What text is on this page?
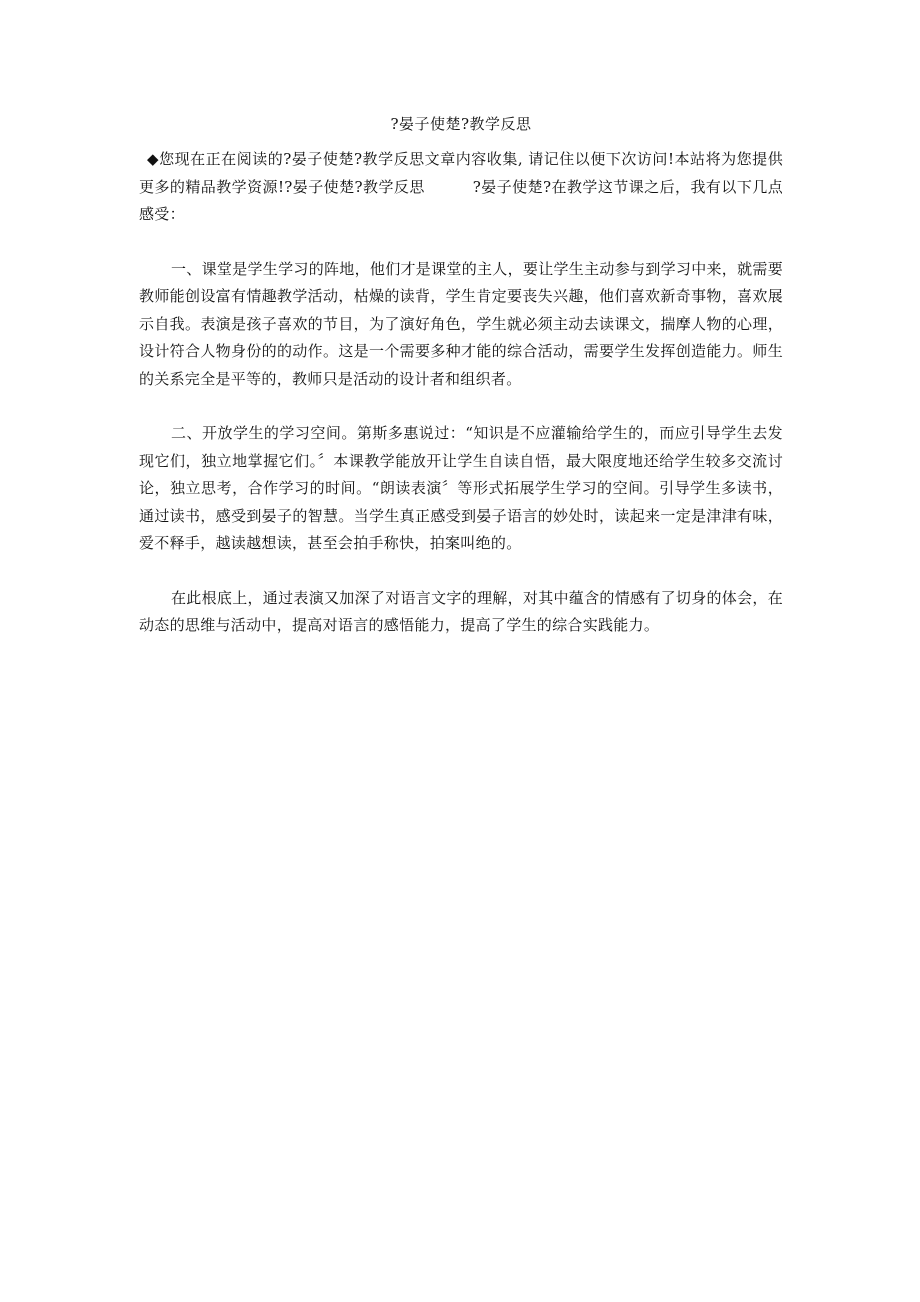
?晏子使楚?教学反思

◆您现在正在阅读的?晏子使楚?教学反思文章内容收集, 请记住以便下次访问!本站将为您提供更多的精品教学资源!?晏子使楚?教学反思	?晏子使楚?在教学这节课之后，我有以下几点感受：

一、课堂是学生学习的阵地，他们才是课堂的主人，要让学生主动参与到学习中来，就需要教师能创设富有情趣教学活动，枯燥的读背，学生肯定要丧失兴趣，他们喜欢新奇事物，喜欢展示自我。表演是孩子喜欢的节目，为了演好角色，学生就必须主动去读课文，揣摩人物的心理，设计符合人物身份的的动作。这是一个需要多种才能的综合活动，需要学生发挥创造能力。师生的关系完全是平等的，教师只是活动的设计者和组织者。

二、开放学生的学习空间。第斯多惠说过：“知识是不应灌输给学生的，而应引导学生去发现它们，独立地掌握它们。〞本课教学能放开让学生自读自悟，最大限度地还给学生较多交流讨论，独立思考，合作学习的时间。“朗读表演〞等形式拓展学生学习的空间。引导学生多读书，通过读书，感受到晏子的智慧。当学生真正感受到晏子语言的妙处时，读起来一定是津津有味，爱不释手，越读越想读，甚至会拍手称快，拍案叫绝的。

在此根底上，通过表演又加深了对语言文字的理解，对其中蕴含的情感有了切身的体会，在动态的思维与活动中，提高对语言的感悟能力，提高了学生的综合实践能力。
